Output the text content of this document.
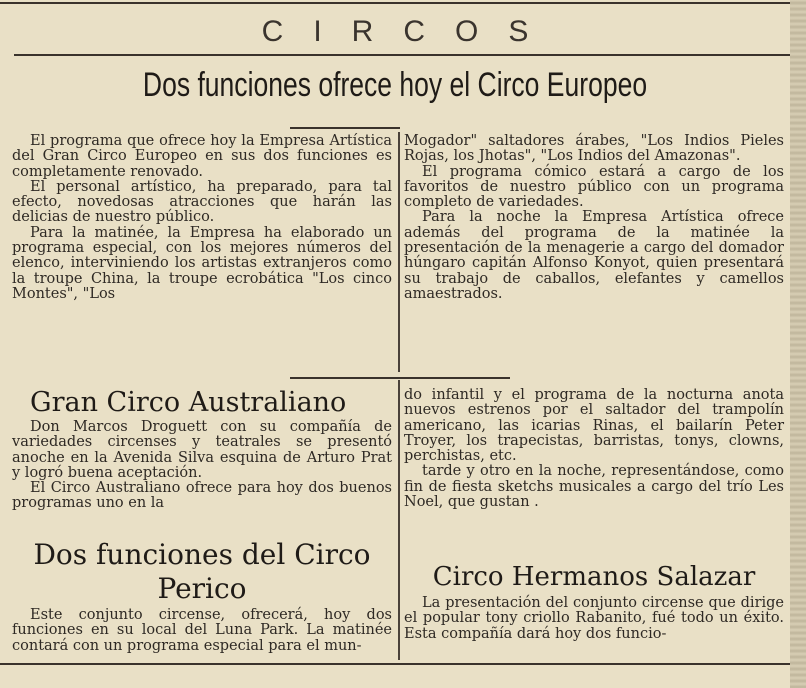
CIRCOS
Dos funciones ofrece hoy el Circo Europeo

El programa que ofrece hoy la Empresa Artística del Gran Circo Europeo en sus dos funciones es completamente renovado.

El personal artístico, ha preparado, para tal efecto, novedosas atracciones que harán las delicias de nuestro público.

Para la matinée, la Empresa ha elaborado un programa especial, con los mejores números del elenco, interviniendo los artistas extranjeros como la troupe China, la troupe ecrobática "Los cinco Montes", "Los

Mogador" saltadores árabes, "Los Indios Pieles Rojas, los Jhotas", "Los Indios del Amazonas".

El programa cómico estará a cargo de los favoritos de nuestro público con un programa completo de variedades.

Para la noche la Empresa Artística ofrece además del programa de la matinée la presentación de la menagerie a cargo del domador húngaro capitán Alfonso Konyot, quien presentará su trabajo de caballos, elefantes y camellos amaestrados.

Gran Circo Australiano

Don Marcos Droguett con su compañía de variedades circenses y teatrales se presentó anoche en la Avenida Silva esquina de Arturo Prat y logró buena aceptación.

El Circo Australiano ofrece para hoy dos buenos programas uno en la

Dos funciones del Circo
Perico

Este conjunto circense, ofrecerá, hoy dos funciones en su local del Luna Park. La matinée contará con un programa especial para el mun-

do infantil y el programa de la nocturna anota nuevos estrenos por el saltador del trampolín americano, las icarias Rinas, el bailarín Peter Troyer, los trapecistas, barristas, tonys, clowns, perchistas, etc.

tarde y otro en la noche, representándose, como fin de fiesta sketchs musicales a cargo del trío Les Noel, que gustan .

Circo Hermanos Salazar

La presentación del conjunto circense que dirige el popular tony criollo Rabanito, fué todo un éxito. Esta compañía dará hoy dos funcio-
